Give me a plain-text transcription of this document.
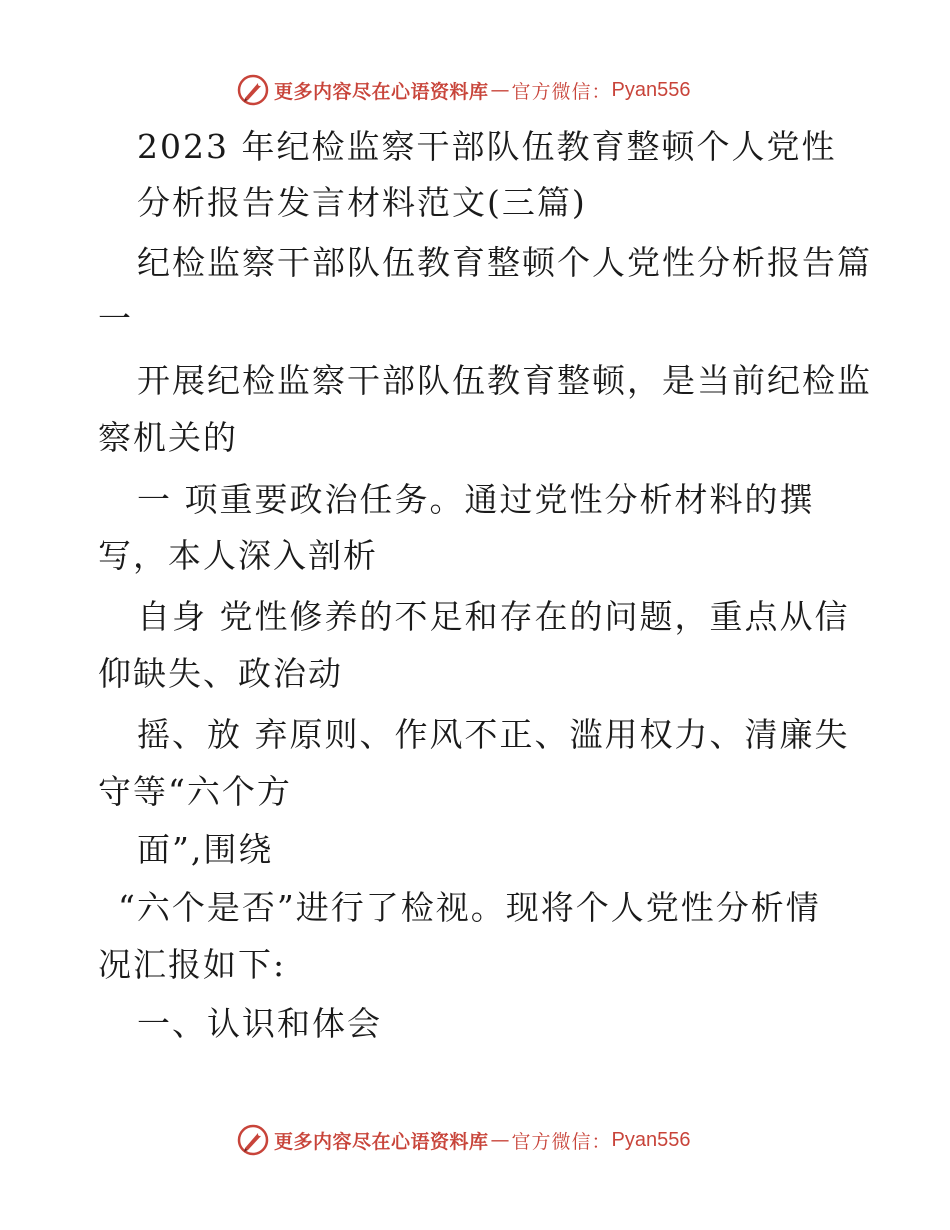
更多内容尽在心语资料库 — 官方微信： Pyan556
2023 年纪检监察干部队伍教育整顿个人党性
分析报告发言材料范文(三篇)
纪检监察干部队伍教育整顿个人党性分析报告篇
一
开展纪检监察干部队伍教育整顿，是当前纪检监
察机关的
一 项重要政治任务。通过党性分析材料的撰
写，本人深入剖析
自身 党性修养的不足和存在的问题，重点从信
仰缺失、政治动
摇、放 弃原则、作风不正、滥用权力、清廉失
守等“六个方
面”,围绕
“六个是否”进行了检视。现将个人党性分析情
况汇报如下:
一、认识和体会
更多内容尽在心语资料库 — 官方微信： Pyan556
